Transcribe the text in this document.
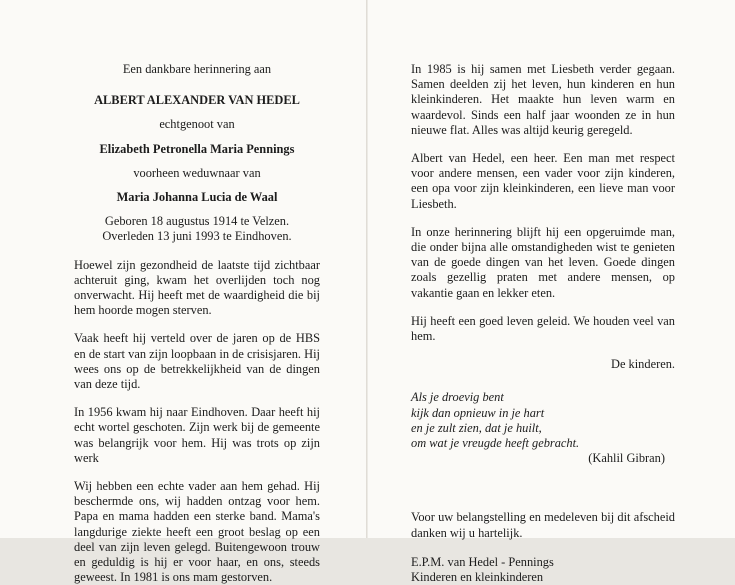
Een dankbare herinnering aan

ALBERT ALEXANDER VAN HEDEL

echtgenoot van

Elizabeth Petronella Maria Pennings

voorheen weduwnaar van

Maria Johanna Lucia de Waal

Geboren 18 augustus 1914 te Velzen.

Overleden 13 juni 1993 te Eindhoven.

Hoewel zijn gezondheid de laatste tijd zichtbaar achteruit ging, kwam het overlijden toch nog onverwacht. Hij heeft met de waardigheid die bij hem hoorde mogen sterven.

Vaak heeft hij verteld over de jaren op de HBS en de start van zijn loopbaan in de crisisjaren. Hij wees ons op de betrekkelijkheid van de dingen van deze tijd.

In 1956 kwam hij naar Eindhoven. Daar heeft hij echt wortel geschoten. Zijn werk bij de gemeente was belangrijk voor hem. Hij was trots op zijn werk

Wij hebben een echte vader aan hem gehad. Hij beschermde ons, wij hadden ontzag voor hem. Papa en mama hadden een sterke band. Mama's langdurige ziekte heeft een groot beslag op een deel van zijn leven gelegd. Buitengewoon trouw en geduldig is hij er voor haar, en ons, steeds geweest. In 1981 is ons mam gestorven.

In 1985 is hij samen met Liesbeth verder gegaan. Samen deelden zij het leven, hun kinderen en hun kleinkinderen. Het maakte hun leven warm en waardevol. Sinds een half jaar woonden ze in hun nieuwe flat. Alles was altijd keurig geregeld.

Albert van Hedel, een heer. Een man met respect voor andere mensen, een vader voor zijn kinderen, een opa voor zijn kleinkinderen, een lieve man voor Liesbeth.

In onze herinnering blijft hij een opgeruimde man, die onder bijna alle omstandigheden wist te genieten van de goede dingen van het leven. Goede dingen zoals gezellig praten met andere mensen, op vakantie gaan en lekker eten.

Hij heeft een goed leven geleid. We houden veel van hem.

De kinderen.

Als je droevig bent
kijk dan opnieuw in je hart
en je zult zien, dat je huilt,
om wat je vreugde heeft gebracht.
(Kahlil Gibran)

Voor uw belangstelling en medeleven bij dit afscheid danken wij u hartelijk.

E.P.M. van Hedel - Pennings

Kinderen en kleinkinderen
